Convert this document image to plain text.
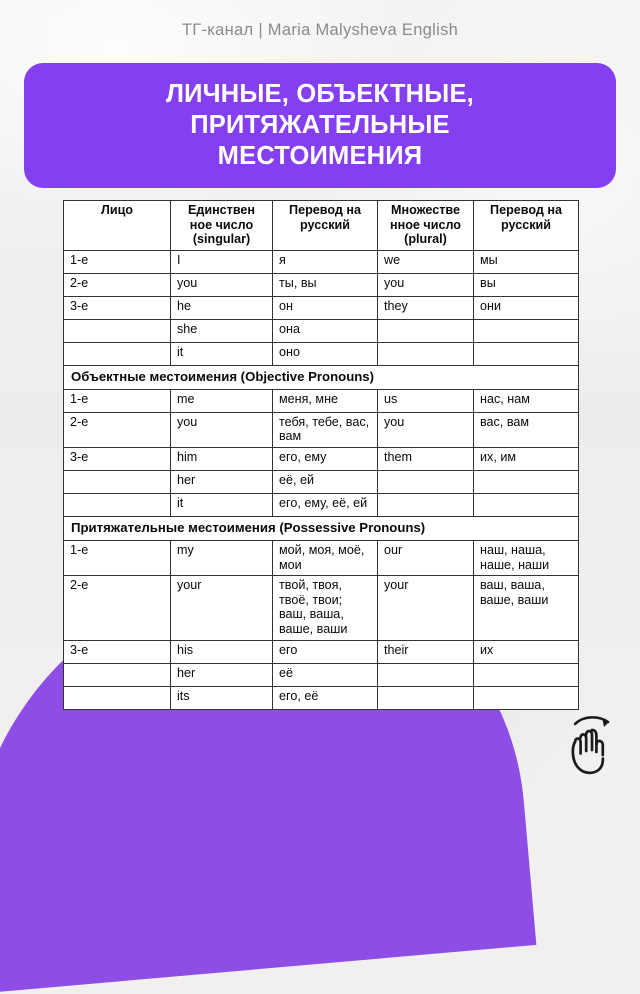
ТГ-канал | Maria Malysheva English
ЛИЧНЫЕ, ОБЪЕКТНЫЕ,
ПРИТЯЖАТЕЛЬНЫЕ
МЕСТОИМЕНИЯ
Лицо	Единствен
ное число
(singular)	Перевод на
русский	Множестве
нное число
(plural)	Перевод на
русский
1-е	I	я	we	мы
2-е	you	ты, вы	you	вы
3-е	he	он	they	они
	she	она		
	it	оно		
Объектные местоимения (Objective Pronouns)				
1-е	me	меня, мне	us	нас, нам
2-е	you	тебя, тебе, вас, вам	you	вас, вам
3-е	him	его, ему	them	их, им
	her	её, ей		
	it	его, ему, её, ей		
Притяжательные местоимения (Possessive Pronouns)				
1-е	my	мой, моя, моё, мои	our	наш, наша, наше, наши
2-е	your	твой, твоя, твоё, твои; ваш, ваша, ваше, ваши	your	ваш, ваша, ваше, ваши
3-е	his	его	their	их
	her	её		
	its	его, её		
